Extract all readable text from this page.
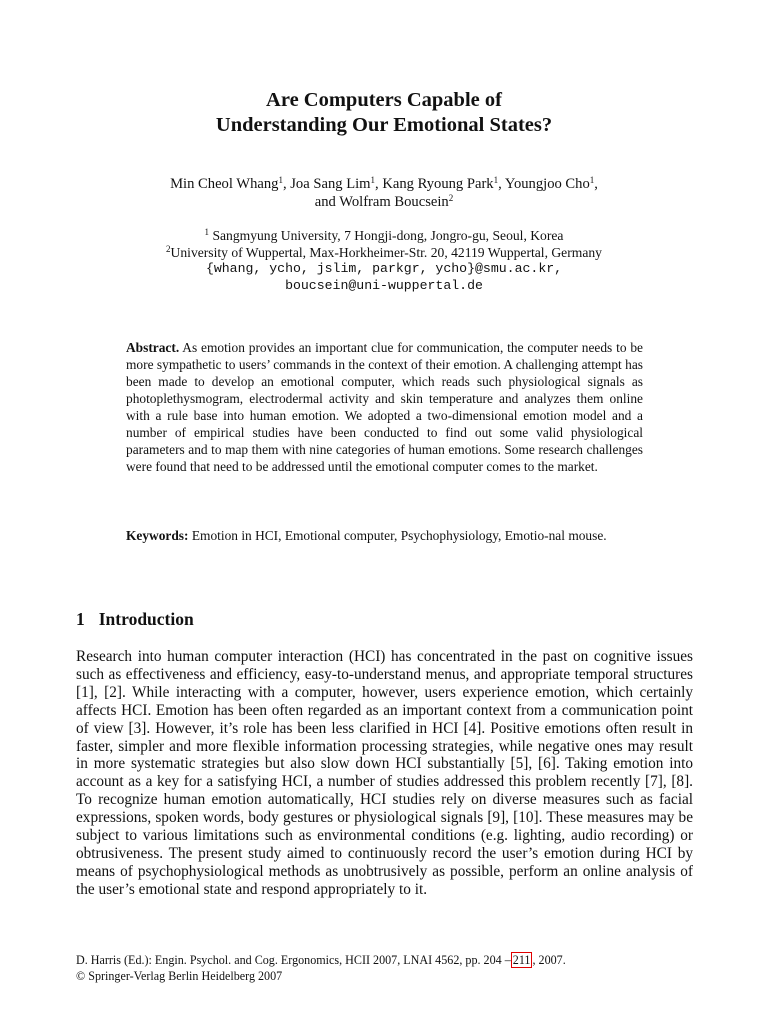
Are Computers Capable of
Understanding Our Emotional States?
Min Cheol Whang$^1$, Joa Sang Lim$^1$, Kang Ryoung Park$^1$, Youngjoo Cho$^1$,
and Wolfram Boucsein$^2$
$^1$ Sangmyung University, 7 Hongji-dong, Jongro-gu, Seoul, Korea
$^2$University of Wuppertal, Max-Horkheimer-Str. 20, 42119 Wuppertal, Germany
{whang, ycho, jslim, parkgr, ycho}@smu.ac.kr,
boucsein@uni-wuppertal.de
Abstract. As emotion provides an important clue for communication, the computer needs to be more sympathetic to users’ commands in the context of their emotion. A challenging attempt has been made to develop an emotional computer, which reads such physiological signals as photoplethysmogram, electrodermal activity and skin temperature and analyzes them online with a rule base into human emotion. We adopted a two-dimensional emotion model and a number of empirical studies have been conducted to find out some valid physiological parameters and to map them with nine categories of human emotions. Some research challenges were found that need to be addressed until the emotional computer comes to the market.
Keywords: Emotion in HCI, Emotional computer, Psychophysiology, Emotio-nal mouse.
1 Introduction
Research into human computer interaction (HCI) has concentrated in the past on cognitive issues such as effectiveness and efficiency, easy-to-understand menus, and appropriate temporal structures [1], [2]. While interacting with a computer, however, users experience emotion, which certainly affects HCI. Emotion has been often regarded as an important context from a communication point of view [3]. However, it’s role has been less clarified in HCI [4]. Positive emotions often result in faster, simpler and more flexible information processing strategies, while negative ones may result in more systematic strategies but also slow down HCI substantially [5], [6]. Taking emotion into account as a key for a satisfying HCI, a number of studies addressed this problem recently [7], [8]. To recognize human emotion automatically, HCI studies rely on diverse measures such as facial expressions, spoken words, body gestures or physiological signals [9], [10]. These measures may be subject to various limitations such as environmental conditions (e.g. lighting, audio recording) or obtrusiveness. The present study aimed to continuously record the user’s emotion during HCI by means of psychophysiological methods as unobtrusively as possible, perform an online analysis of the user’s emotional state and respond appropriately to it.
D. Harris (Ed.): Engin. Psychol. and Cog. Ergonomics, HCII 2007, LNAI 4562, pp. 204 – 211 , 2007.
© Springer-Verlag Berlin Heidelberg 2007
